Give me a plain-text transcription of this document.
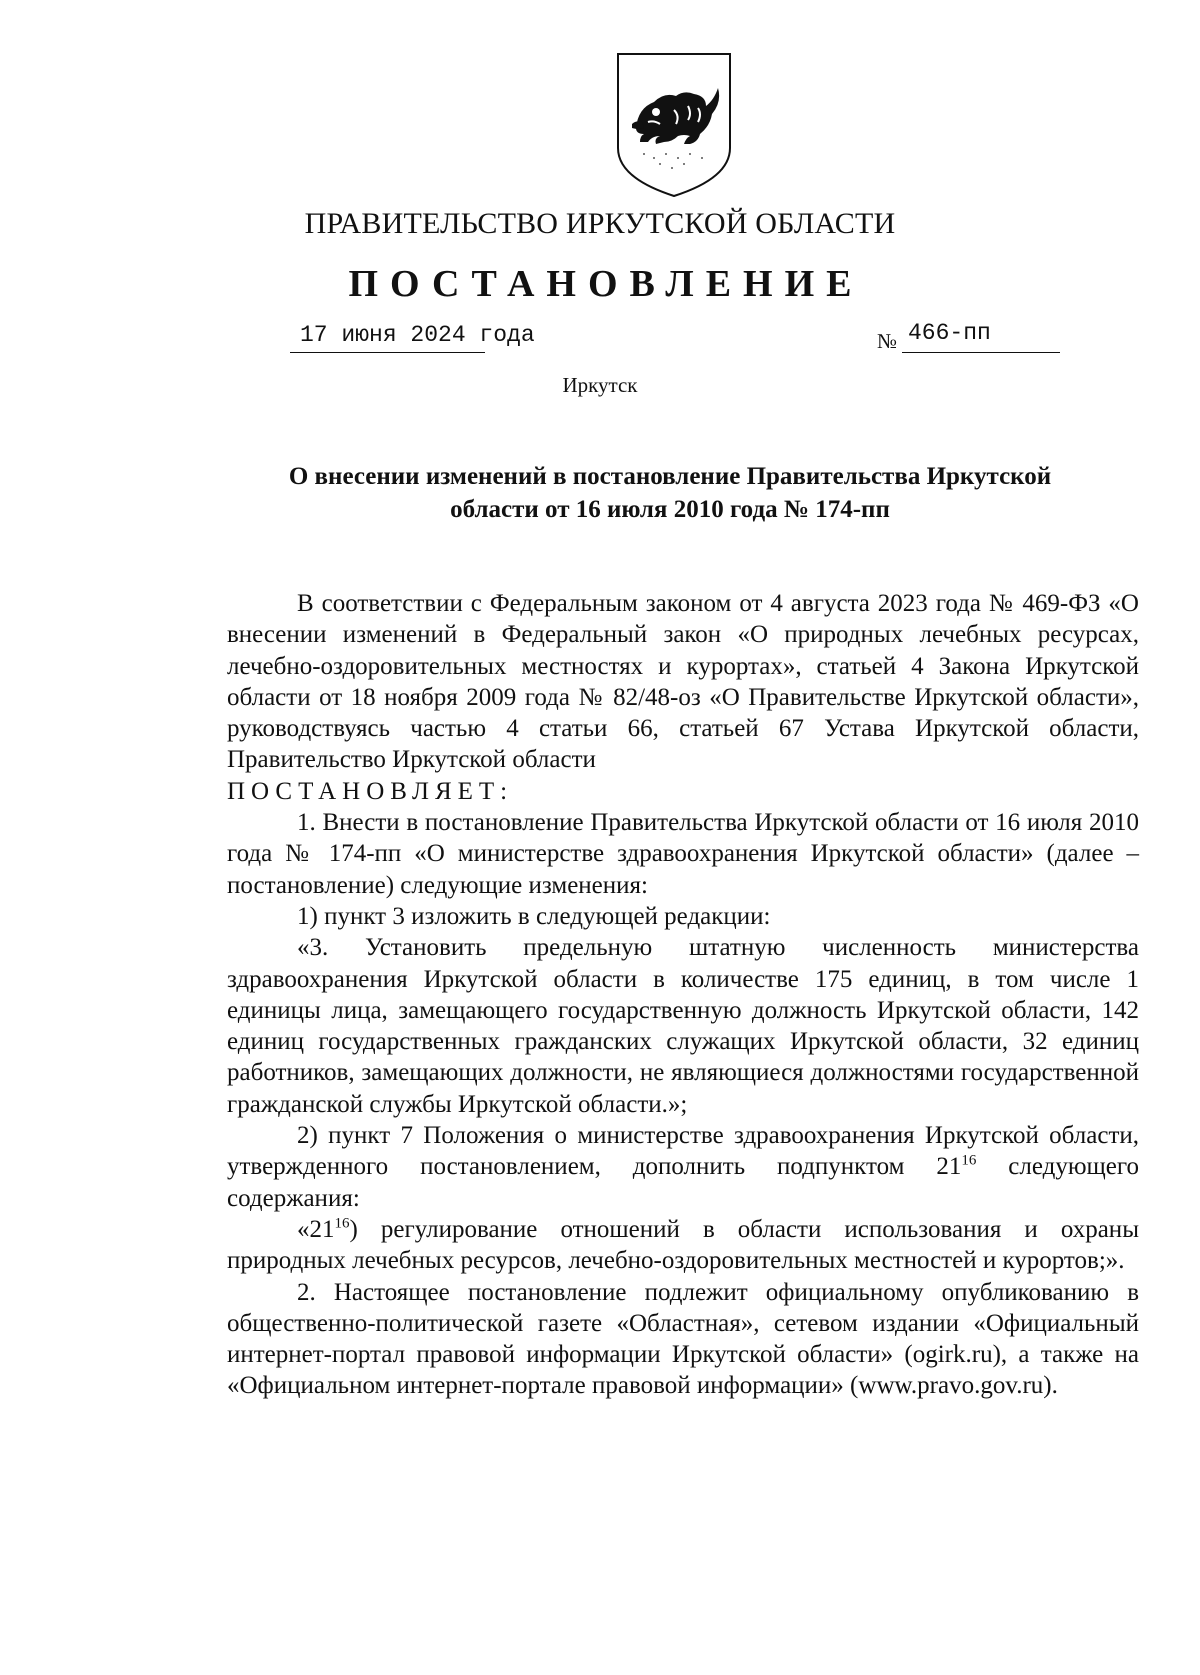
ПРАВИТЕЛЬСТВО ИРКУТСКОЙ ОБЛАСТИ
ПОСТАНОВЛЕНИЕ
17 июня 2024 года	№ 466-пп
Иркутск
О внесении изменений в постановление Правительства Иркутской
области от 16 июля 2010 года № 174-пп

В соответствии с Федеральным законом от 4 августа 2023 года № 469-ФЗ «О внесении изменений в Федеральный закон «О природных лечебных ресурсах, лечебно-оздоровительных местностях и курортах», статьей 4 Закона Иркутской области от 18 ноября 2009 года № 82/48-оз «О Правительстве Иркутской области», руководствуясь частью 4 статьи 66, статьей 67 Устава Иркутской области, Правительство Иркутской области

ПОСТАНОВЛЯЕТ:

1. Внести в постановление Правительства Иркутской области от 16 июля 2010 года № 174-пп «О министерстве здравоохранения Иркутской области» (далее – постановление) следующие изменения:

1) пункт 3 изложить в следующей редакции:

«3. Установить предельную штатную численность министерства здравоохранения Иркутской области в количестве 175 единиц, в том числе 1 единицы лица, замещающего государственную должность Иркутской области, 142 единиц государственных гражданских служащих Иркутской области, 32 единиц работников, замещающих должности, не являющиеся должностями государственной гражданской службы Иркутской области.»;

2) пункт 7 Положения о министерстве здравоохранения Иркутской области, утвержденного постановлением, дополнить подпунктом $21^{16}$ следующего содержания:

«$21^{16}$) регулирование отношений в области использования и охраны природных лечебных ресурсов, лечебно-оздоровительных местностей и курортов;».

2. Настоящее постановление подлежит официальному опубликованию в общественно-политической газете «Областная», сетевом издании «Официальный интернет-портал правовой информации Иркутской области» (ogirk.ru), а также на «Официальном интернет-портале правовой информации» (www.pravo.gov.ru).
